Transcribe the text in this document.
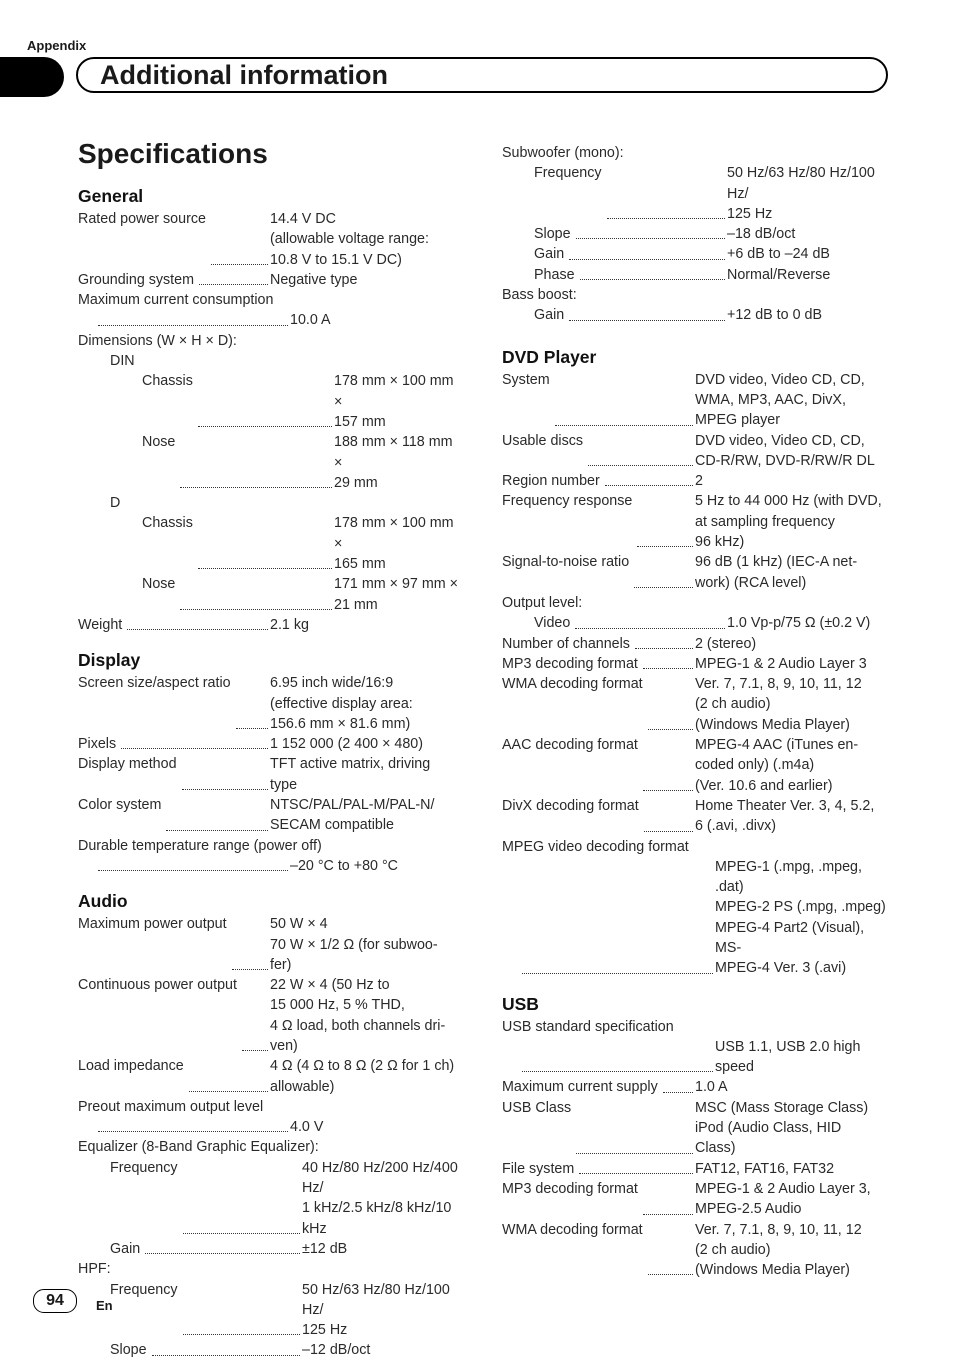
Appendix
Additional information
Specifications
General
Rated power source	14.4 V DC
(allowable voltage range:
10.8 V to 15.1 V DC)
Grounding system	Negative type
Maximum current consumption
10.0 A
Dimensions (W × H × D):
DIN
Chassis	178 mm × 100 mm ×
157 mm
Nose	188 mm × 118 mm ×
29 mm
D
Chassis	178 mm × 100 mm ×
165 mm
Nose	171 mm × 97 mm × 21 mm
Weight	2.1 kg
Display
Screen size/aspect ratio	6.95 inch wide/16:9
(effective display area:
156.6 mm × 81.6 mm)
Pixels	1 152 000 (2 400 × 480)
Display method	TFT active matrix, driving
type
Color system	NTSC/PAL/PAL-M/PAL-N/
SECAM compatible
Durable temperature range (power off)
–20 °C to +80 °C
Audio
Maximum power output	50 W × 4
70 W × 1/2 Ω (for subwoo-
fer)
Continuous power output 22 W × 4 (50 Hz to
15 000 Hz, 5 % THD,
4 Ω load, both channels dri-
ven)
Load impedance	4 Ω (4 Ω to 8 Ω (2 Ω for 1 ch)
allowable)
Preout maximum output level
4.0 V
Equalizer (8-Band Graphic Equalizer):
Frequency	40 Hz/80 Hz/200 Hz/400 Hz/
1 kHz/2.5 kHz/8 kHz/10 kHz
Gain	±12 dB
HPF:
Frequency	50 Hz/63 Hz/80 Hz/100 Hz/
125 Hz
Slope	–12 dB/oct
Subwoofer (mono):
Frequency	50 Hz/63 Hz/80 Hz/100 Hz/
125 Hz
Slope	–18 dB/oct
Gain	+6 dB to –24 dB
Phase	Normal/Reverse
Bass boost:
Gain	+12 dB to 0 dB
DVD Player
System	DVD video, Video CD, CD,
WMA, MP3, AAC, DivX,
MPEG player
Usable discs	DVD video, Video CD, CD,
CD-R/RW, DVD-R/RW/R DL
Region number	2
Frequency response	5 Hz to 44 000 Hz (with DVD,
at sampling frequency
96 kHz)
Signal-to-noise ratio	96 dB (1 kHz) (IEC-A net-
work) (RCA level)
Output level:
Video	1.0 Vp-p/75 Ω (±0.2 V)
Number of channels	2 (stereo)
MP3 decoding format	MPEG-1 & 2 Audio Layer 3
WMA decoding format	Ver. 7, 7.1, 8, 9, 10, 11, 12
(2 ch audio)
(Windows Media Player)
AAC decoding format	MPEG-4 AAC (iTunes en-
coded only) (.m4a)
(Ver. 10.6 and earlier)
DivX decoding format	Home Theater Ver. 3, 4, 5.2,
6 (.avi, .divx)
MPEG video decoding format
MPEG-1 (.mpg, .mpeg, .dat)
MPEG-2 PS (.mpg, .mpeg)
MPEG-4 Part2 (Visual), MS-
MPEG-4 Ver. 3 (.avi)
USB
USB standard specification
USB 1.1, USB 2.0 high
speed
Maximum current supply	1.0 A
USB Class	MSC (Mass Storage Class)
iPod (Audio Class, HID
Class)
File system	FAT12, FAT16, FAT32
MP3 decoding format	MPEG-1 & 2 Audio Layer 3,
MPEG-2.5 Audio
WMA decoding format	Ver. 7, 7.1, 8, 9, 10, 11, 12
(2 ch audio)
(Windows Media Player)
94	En
